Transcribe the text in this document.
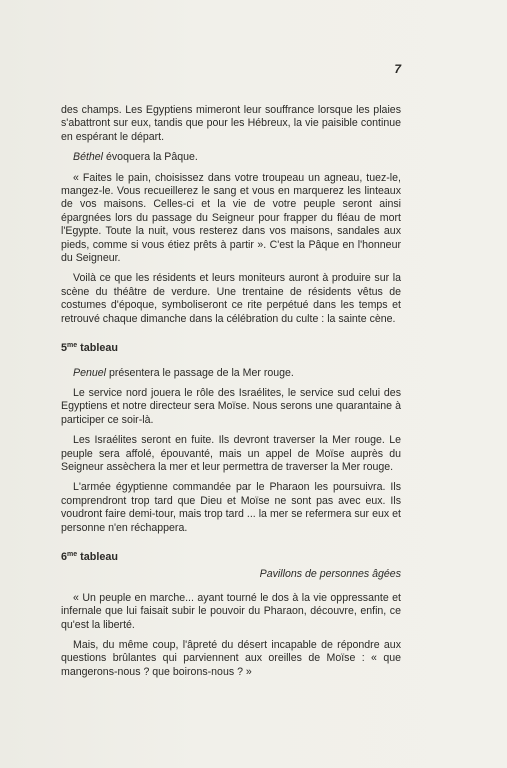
7

des champs. Les Egyptiens mimeront leur souffrance lorsque les plaies s'abattront sur eux, tandis que pour les Hébreux, la vie paisible continue en espérant le départ.

Béthel évoquera la Pâque.

« Faites le pain, choisissez dans votre troupeau un agneau, tuez-le, mangez-le. Vous recueillerez le sang et vous en marquerez les linteaux de vos maisons. Celles-ci et la vie de votre peuple seront ainsi épargnées lors du passage du Seigneur pour frapper du fléau de mort l'Egypte. Toute la nuit, vous resterez dans vos maisons, sandales aux pieds, comme si vous étiez prêts à partir ». C'est la Pâque en l'honneur du Seigneur.

Voilà ce que les résidents et leurs moniteurs auront à produire sur la scène du théâtre de verdure. Une trentaine de résidents vêtus de costumes d'époque, symboliseront ce rite perpétué dans les temps et retrouvé chaque dimanche dans la célébration du culte : la sainte cène.

$5^{me}$ tableau

Penuel présentera le passage de la Mer rouge.

Le service nord jouera le rôle des Israélites, le service sud celui des Egyptiens et notre directeur sera Moïse. Nous serons une quarantaine à participer ce soir-là.

Les Israélites seront en fuite. Ils devront traverser la Mer rouge. Le peuple sera affolé, épouvanté, mais un appel de Moïse auprès du Seigneur assèchera la mer et leur permettra de traverser la Mer rouge.

L'armée égyptienne commandée par le Pharaon les poursuivra. Ils comprendront trop tard que Dieu et Moïse ne sont pas avec eux. Ils voudront faire demi-tour, mais trop tard ... la mer se refermera sur eux et personne n'en réchappera.

$6^{me}$ tableau
Pavillons de personnes âgées

« Un peuple en marche... ayant tourné le dos à la vie oppressante et infernale que lui faisait subir le pouvoir du Pharaon, découvre, enfin, ce qu'est la liberté.

Mais, du même coup, l'âpreté du désert incapable de répondre aux questions brûlantes qui parviennent aux oreilles de Moïse : « que mangerons-nous ? que boirons-nous ? »
